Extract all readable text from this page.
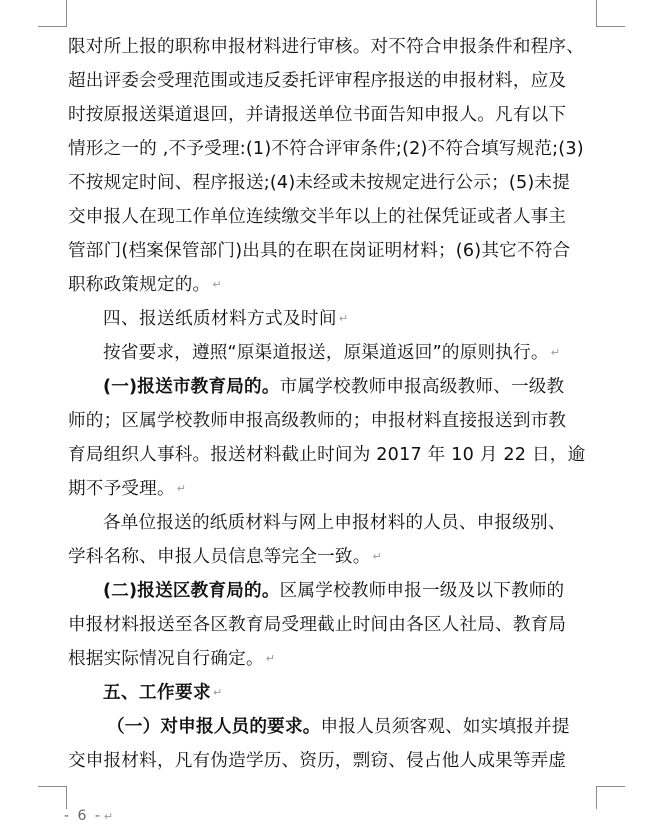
限对所上报的职称申报材料进行审核。对不符合申报条件和程序、
超出评委会受理范围或违反委托评审程序报送的申报材料，应及
时按原报送渠道退回，并请报送单位书面告知申报人。凡有以下
情形之一的 ,不予受理:(1)不符合评审条件;(2)不符合填写规范;(3)
不按规定时间、程序报送;(4)未经或未按规定进行公示；(5)未提
交申报人在现工作单位连续缴交半年以上的社保凭证或者人事主
管部门(档案保管部门)出具的在职在岗证明材料；(6)其它不符合
职称政策规定的。 ↵
四、报送纸质材料方式及时间 ↵
按省要求，遵照“原渠道报送，原渠道返回”的原则执行。 ↵
(一)报送市教育局的。市属学校教师申报高级教师、一级教
师的；区属学校教师申报高级教师的；申报材料直接报送到市教
育局组织人事科。报送材料截止时间为 2017 年 10 月 22 日，逾
期不予受理。 ↵
各单位报送的纸质材料与网上申报材料的人员、申报级别、
学科名称、申报人员信息等完全一致。 ↵
(二)报送区教育局的。区属学校教师申报一级及以下教师的
申报材料报送至各区教育局受理截止时间由各区人社局、教育局
根据实际情况自行确定。 ↵
五、工作要求 ↵
（一）对申报人员的要求。申报人员须客观、如实填报并提
交申报材料，凡有伪造学历、资历，剽窃、侵占他人成果等弄虚
- 6 - ↵
